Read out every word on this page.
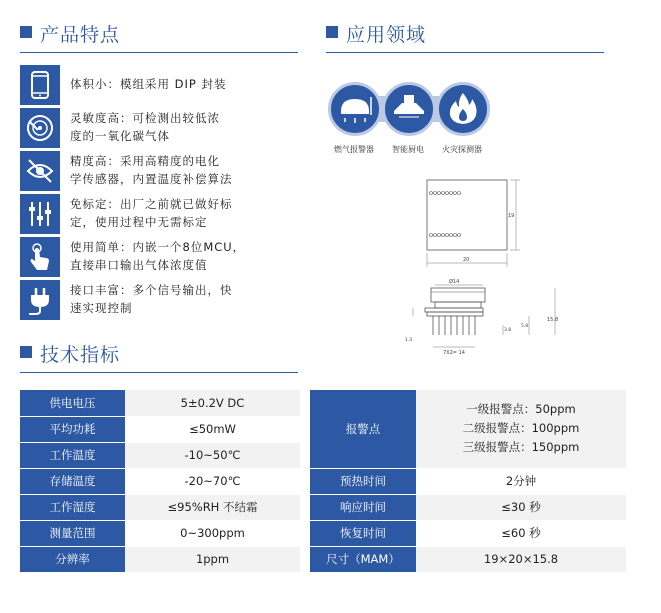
产品特点	应用领域
体积小：模组采用 DIP 封装
灵敏度高：可检测出较低浓
度的一氧化碳气体
精度高：采用高精度的电化
学传感器，内置温度补偿算法
免标定：出厂之前就已做好标
定，使用过程中无需标定
使用简单：内嵌一个8位MCU，
直接串口输出气体浓度值
接口丰富：多个信号输出，快
速实现控制
燃气报警器 智能厨电 火灾探测器
20
19
Ø14
7X2= 14
15.8
5.8
3.8
1.3
技术指标
供电电压	5±0.2V DC
平均功耗	≤50mW
工作温度	-10~50℃
存储温度	-20~70℃
工作湿度	≤95%RH 不结霜
测量范围	0~300ppm
分辨率	1ppm
报警点	一级报警点：50ppm
二级报警点：100ppm
三级报警点：150ppm

预热时间	2分钟
响应时间	≤30 秒
恢复时间	≤60 秒
尺寸（MAM）	19×20×15.8
